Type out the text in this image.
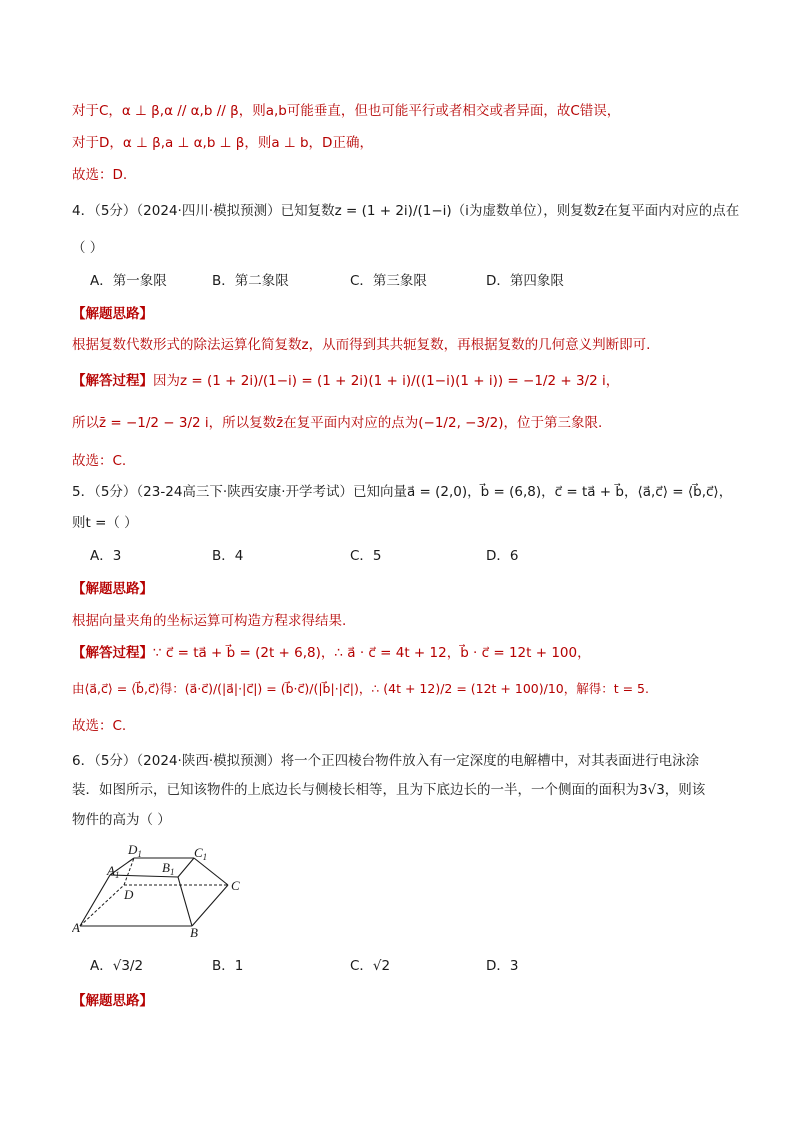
对于C，α ⊥ β,α // α,b // β，则a,b可能垂直，但也可能平行或者相交或者异面，故C错误，
对于D，α ⊥ β,a ⊥ α,b ⊥ β，则a ⊥ b，D正确，
故选：D.
4．（5分）（2024·四川·模拟预测）已知复数z = (1 + 2i)/(1−i)（i为虚数单位），则复数z̄在复平面内对应的点在
（ ）
A．第一象限	B．第二象限	C．第三象限	D．第四象限
【解题思路】
根据复数代数形式的除法运算化简复数z，从而得到其共轭复数，再根据复数的几何意义判断即可.
【解答过程】因为z = (1 + 2i)/(1−i) = (1 + 2i)(1 + i)/((1−i)(1 + i)) = −1/2 + 3/2 i，
所以z̄ = −1/2 − 3/2 i，所以复数z̄在复平面内对应的点为(−1/2, −3/2)，位于第三象限.
故选：C.
5．（5分）（23-24高三下·陕西安康·开学考试）已知向量a⃗ = (2,0)，b⃗ = (6,8)，c⃗ = ta⃗ + b⃗，⟨a⃗,c⃗⟩ = ⟨b⃗,c⃗⟩，
则t =（ ）
A．3	B．4	C．5	D．6
【解题思路】
根据向量夹角的坐标运算可构造方程求得结果.
【解答过程】∵ c⃗ = ta⃗ + b⃗ = (2t + 6,8)，∴ a⃗ · c⃗ = 4t + 12，b⃗ · c⃗ = 12t + 100，
由⟨a⃗,c⃗⟩ = ⟨b⃗,c⃗⟩得：(a⃗·c⃗)/(|a⃗|·|c⃗|) = (b⃗·c⃗)/(|b⃗|·|c⃗|)，∴ (4t + 12)/2 = (12t + 100)/10，解得：t = 5.
故选：C.
6．（5分）（2024·陕西·模拟预测）将一个正四棱台物件放入有一定深度的电解槽中，对其表面进行电泳涂
装．如图所示，已知该物件的上底边长与侧棱长相等，且为下底边长的一半，一个侧面的面积为3√3，则该
物件的高为（ ）
A	B
C
D
$A_1$	$B_1$
$C_1$
$D_1$
A．√3/2	B．1	C．√2	D．3
【解题思路】
